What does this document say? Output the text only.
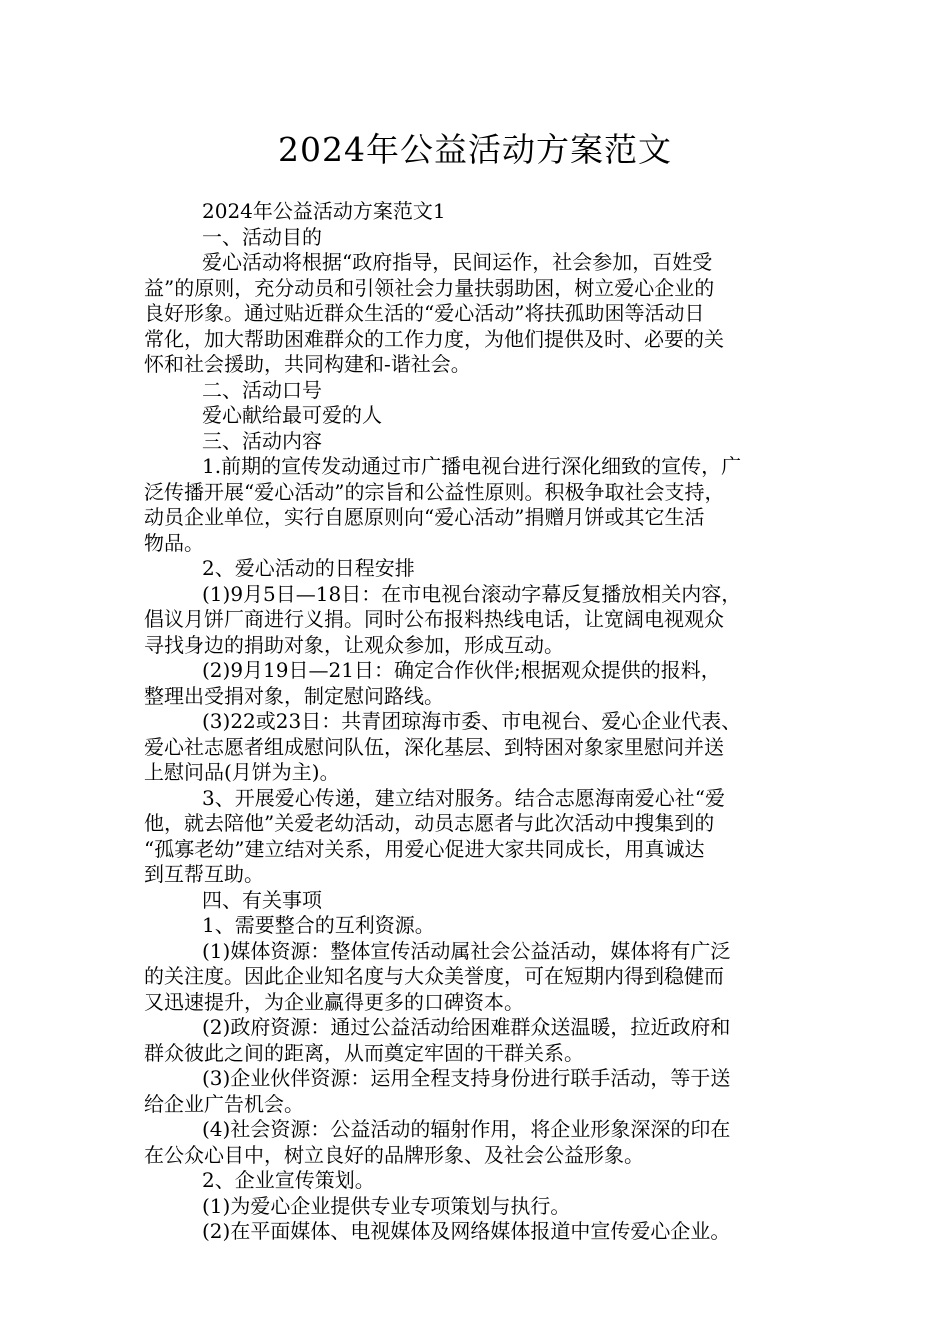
2024年公益活动方案范文

2024年公益活动方案范文1

一、活动目的

爱心活动将根据“政府指导，民间运作，社会参加，百姓受

益”的原则，充分动员和引领社会力量扶弱助困，树立爱心企业的

良好形象。通过贴近群众生活的“爱心活动”将扶孤助困等活动日

常化，加大帮助困难群众的工作力度，为他们提供及时、必要的关

怀和社会援助，共同构建和-谐社会。

二、活动口号

爱心献给最可爱的人

三、活动内容

1.前期的宣传发动通过市广播电视台进行深化细致的宣传，广

泛传播开展“爱心活动”的宗旨和公益性原则。积极争取社会支持，

动员企业单位，实行自愿原则向“爱心活动”捐赠月饼或其它生活

物品。

2、爱心活动的日程安排

(1)9月5日—18日：在市电视台滚动字幕反复播放相关内容，

倡议月饼厂商进行义捐。同时公布报料热线电话，让宽阔电视观众

寻找身边的捐助对象，让观众参加，形成互动。

(2)9月19日—21日：确定合作伙伴;根据观众提供的报料，

整理出受捐对象，制定慰问路线。

(3)22或23日：共青团琼海市委、市电视台、爱心企业代表、

爱心社志愿者组成慰问队伍，深化基层、到特困对象家里慰问并送

上慰问品(月饼为主)。

3、开展爱心传递，建立结对服务。结合志愿海南爱心社“爱

他，就去陪他”关爱老幼活动，动员志愿者与此次活动中搜集到的

“孤寡老幼”建立结对关系，用爱心促进大家共同成长，用真诚达

到互帮互助。

四、有关事项

1、需要整合的互利资源。

(1)媒体资源：整体宣传活动属社会公益活动，媒体将有广泛

的关注度。因此企业知名度与大众美誉度，可在短期内得到稳健而

又迅速提升，为企业赢得更多的口碑资本。

(2)政府资源：通过公益活动给困难群众送温暖，拉近政府和

群众彼此之间的距离，从而奠定牢固的干群关系。

(3)企业伙伴资源：运用全程支持身份进行联手活动，等于送

给企业广告机会。

(4)社会资源：公益活动的辐射作用，将企业形象深深的印在

在公众心目中，树立良好的品牌形象、及社会公益形象。

2、企业宣传策划。

(1)为爱心企业提供专业专项策划与执行。

(2)在平面媒体、电视媒体及网络媒体报道中宣传爱心企业。
